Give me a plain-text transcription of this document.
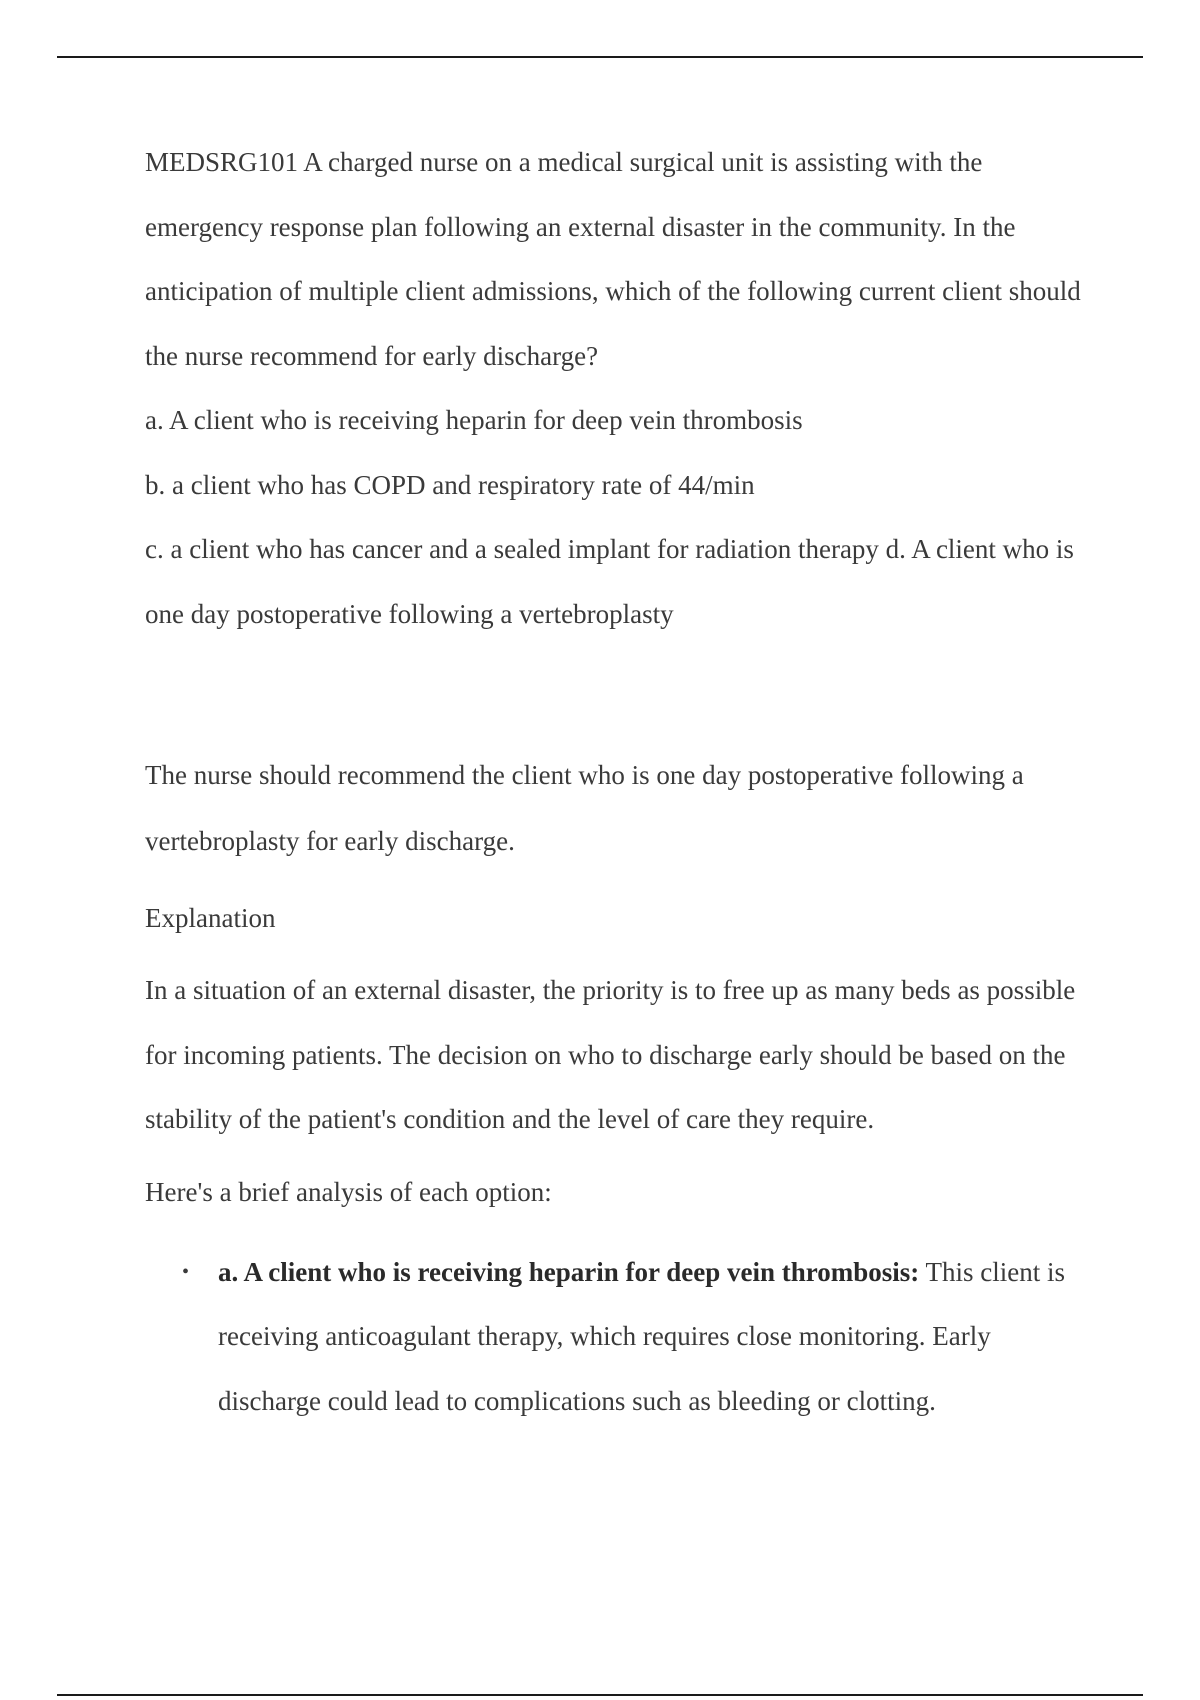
MEDSRG101 A charged nurse on a medical surgical unit is assisting with the emergency response plan following an external disaster in the community. In the anticipation of multiple client admissions, which of the following current client should the nurse recommend for early discharge?

a. A client who is receiving heparin for deep vein thrombosis

b. a client who has COPD and respiratory rate of 44/min

c. a client who has cancer and a sealed implant for radiation therapy d. A client who is one day postoperative following a vertebroplasty

The nurse should recommend the client who is one day postoperative following a vertebroplasty for early discharge.

Explanation

In a situation of an external disaster, the priority is to free up as many beds as possible for incoming patients. The decision on who to discharge early should be based on the stability of the patient's condition and the level of care they require.

Here's a brief analysis of each option:

• a. A client who is receiving heparin for deep vein thrombosis: This client is receiving anticoagulant therapy, which requires close monitoring. Early discharge could lead to complications such as bleeding or clotting.
